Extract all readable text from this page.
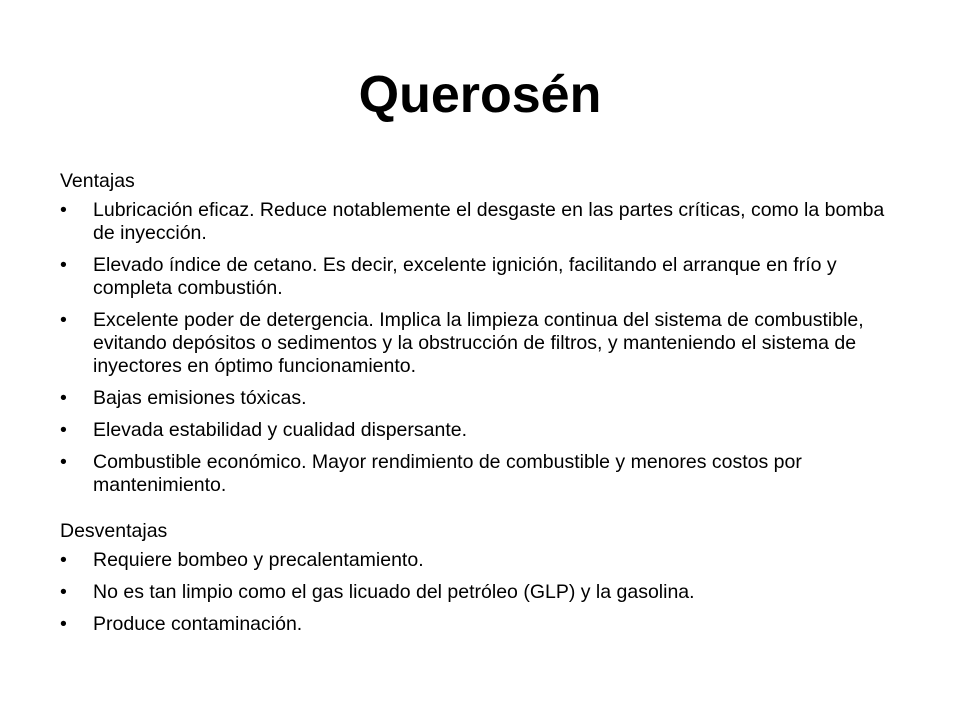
Querosén
Ventajas
• Lubricación eficaz. Reduce notablemente el desgaste en las partes críticas, como la bomba de inyección.
• Elevado índice de cetano. Es decir, excelente ignición, facilitando el arranque en frío y completa combustión.
• Excelente poder de detergencia. Implica la limpieza continua del sistema de combustible, evitando depósitos o sedimentos y la obstrucción de filtros, y manteniendo el sistema de inyectores en óptimo funcionamiento.
• Bajas emisiones tóxicas.
• Elevada estabilidad y cualidad dispersante.
• Combustible económico. Mayor rendimiento de combustible y menores costos por mantenimiento.
Desventajas
• Requiere bombeo y precalentamiento.
• No es tan limpio como el gas licuado del petróleo (GLP) y la gasolina.
• Produce contaminación.
